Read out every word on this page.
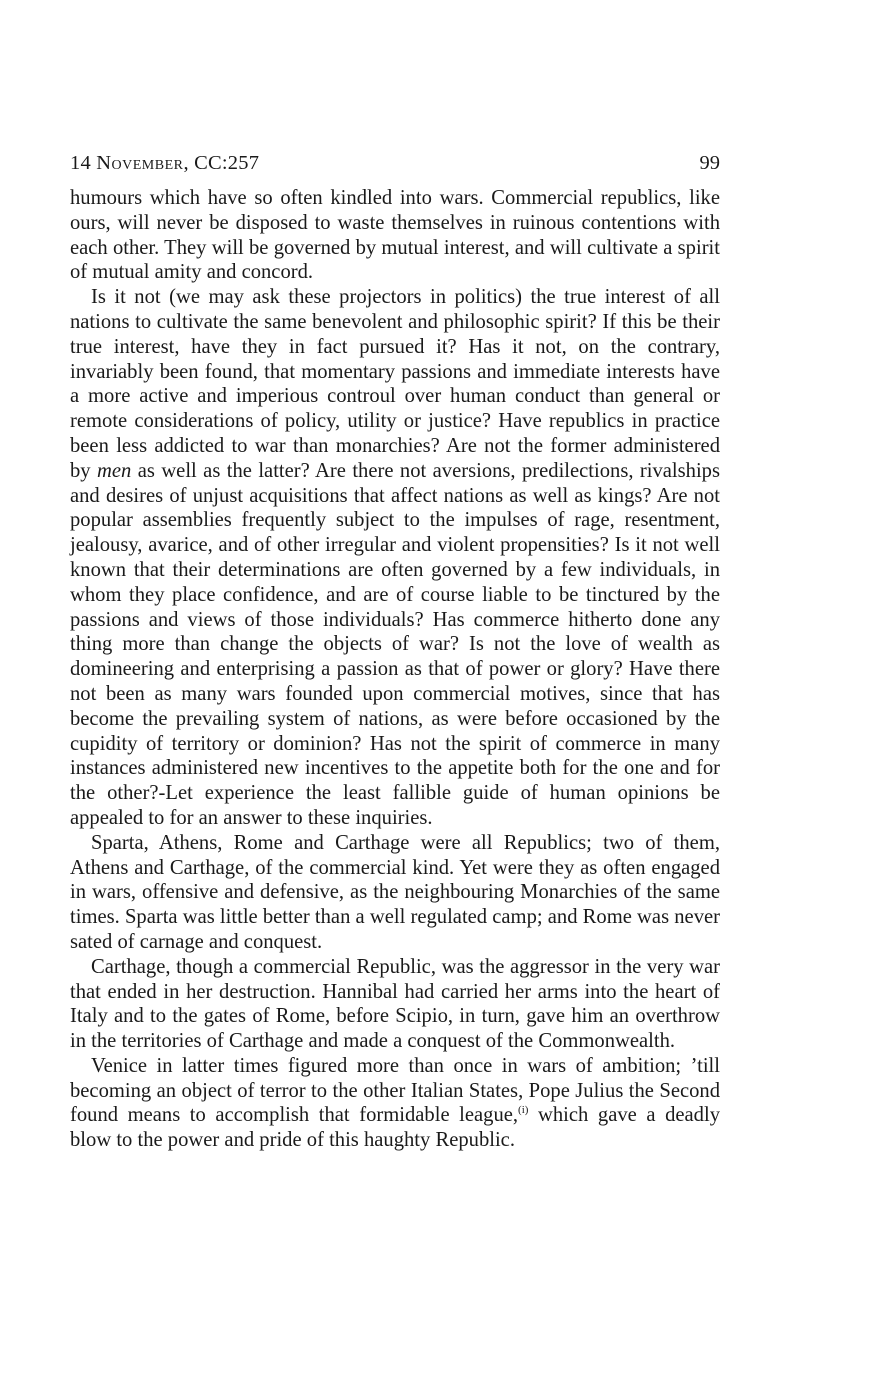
14 November, CC:257	99

humours which have so often kindled into wars. Commercial republics, like ours, will never be disposed to waste themselves in ruinous contentions with each other. They will be governed by mutual interest, and will cultivate a spirit of mutual amity and concord.

Is it not (we may ask these projectors in politics) the true interest of all nations to cultivate the same benevolent and philosophic spirit? If this be their true interest, have they in fact pursued it? Has it not, on the contrary, invariably been found, that momentary passions and immediate interests have a more active and imperious controul over human conduct than general or remote considerations of policy, utility or justice? Have republics in practice been less addicted to war than monarchies? Are not the former administered by men as well as the latter? Are there not aversions, predilections, rivalships and desires of unjust acquisitions that affect nations as well as kings? Are not popular assemblies frequently subject to the impulses of rage, resentment, jealousy, avarice, and of other irregular and violent propensities? Is it not well known that their determinations are often governed by a few individuals, in whom they place confidence, and are of course liable to be tinctured by the passions and views of those individuals? Has commerce hitherto done any thing more than change the objects of war? Is not the love of wealth as domineering and enterprising a passion as that of power or glory? Have there not been as many wars founded upon commercial motives, since that has become the prevailing system of nations, as were before occasioned by the cupidity of territory or dominion? Has not the spirit of commerce in many instances administered new incentives to the appetite both for the one and for the other?-Let experience the least fallible guide of human opinions be appealed to for an answer to these inquiries.

Sparta, Athens, Rome and Carthage were all Republics; two of them, Athens and Carthage, of the commercial kind. Yet were they as often engaged in wars, offensive and defensive, as the neighbouring Monarchies of the same times. Sparta was little better than a well regulated camp; and Rome was never sated of carnage and conquest.

Carthage, though a commercial Republic, was the aggressor in the very war that ended in her destruction. Hannibal had carried her arms into the heart of Italy and to the gates of Rome, before Scipio, in turn, gave him an overthrow in the territories of Carthage and made a conquest of the Commonwealth.

Venice in latter times figured more than once in wars of ambition; ’till becoming an object of terror to the other Italian States, Pope Julius the Second found means to accomplish that formidable league,$^{(i)}$ which gave a deadly blow to the power and pride of this haughty Republic.
